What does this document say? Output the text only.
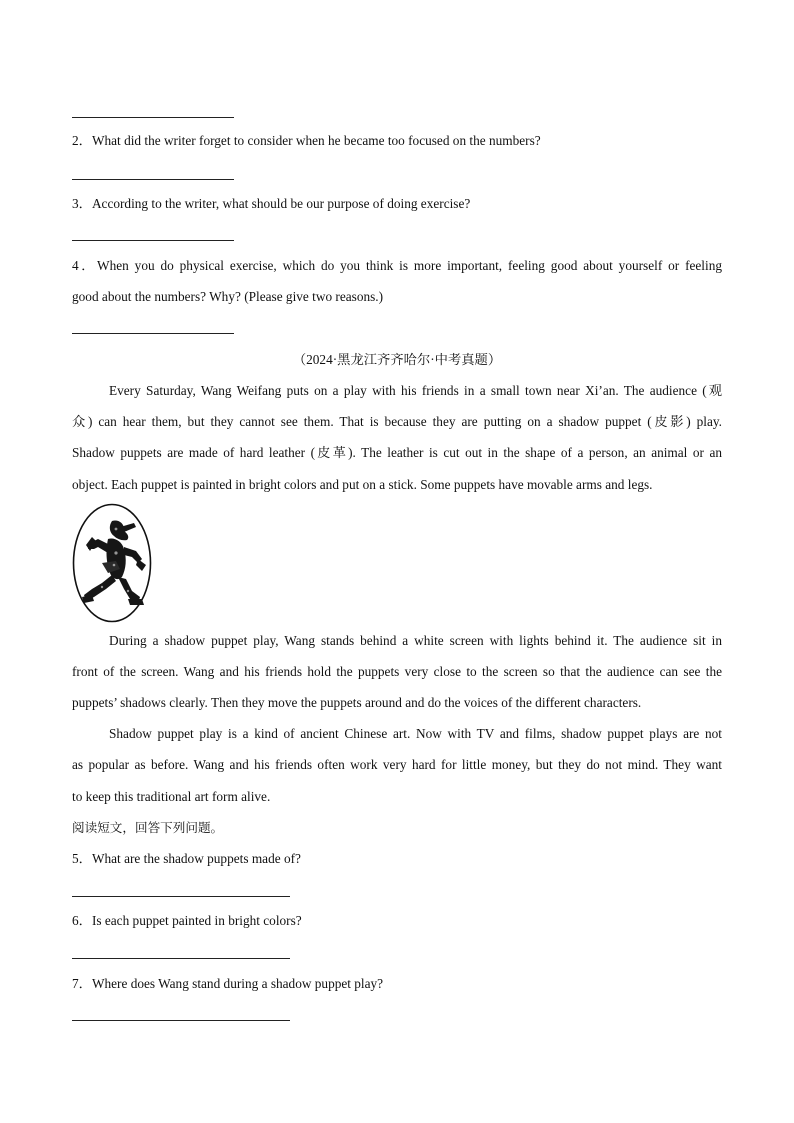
2．What did the writer forget to consider when he became too focused on the numbers?
3．According to the writer, what should be our purpose of doing exercise?
4．When you do physical exercise, which do you think is more important, feeling good about yourself or feeling
good about the numbers? Why? (Please give two reasons.)
（2024·黑龙江齐齐哈尔·中考真题）
Every Saturday, Wang Weifang puts on a play with his friends in a small town near Xi’an. The audience (观
众) can hear them, but they cannot see them. That is because they are putting on a shadow puppet (皮影) play.
Shadow puppets are made of hard leather (皮革). The leather is cut out in the shape of a person, an animal or an
object. Each puppet is painted in bright colors and put on a stick. Some puppets have movable arms and legs.
During a shadow puppet play, Wang stands behind a white screen with lights behind it. The audience sit in
front of the screen. Wang and his friends hold the puppets very close to the screen so that the audience can see the
puppets’ shadows clearly. Then they move the puppets around and do the voices of the different characters.
Shadow puppet play is a kind of ancient Chinese art. Now with TV and films, shadow puppet plays are not
as popular as before. Wang and his friends often work very hard for little money, but they do not mind. They want
to keep this traditional art form alive.
阅读短文，回答下列问题。
5．What are the shadow puppets made of?
6．Is each puppet painted in bright colors?
7．Where does Wang stand during a shadow puppet play?
